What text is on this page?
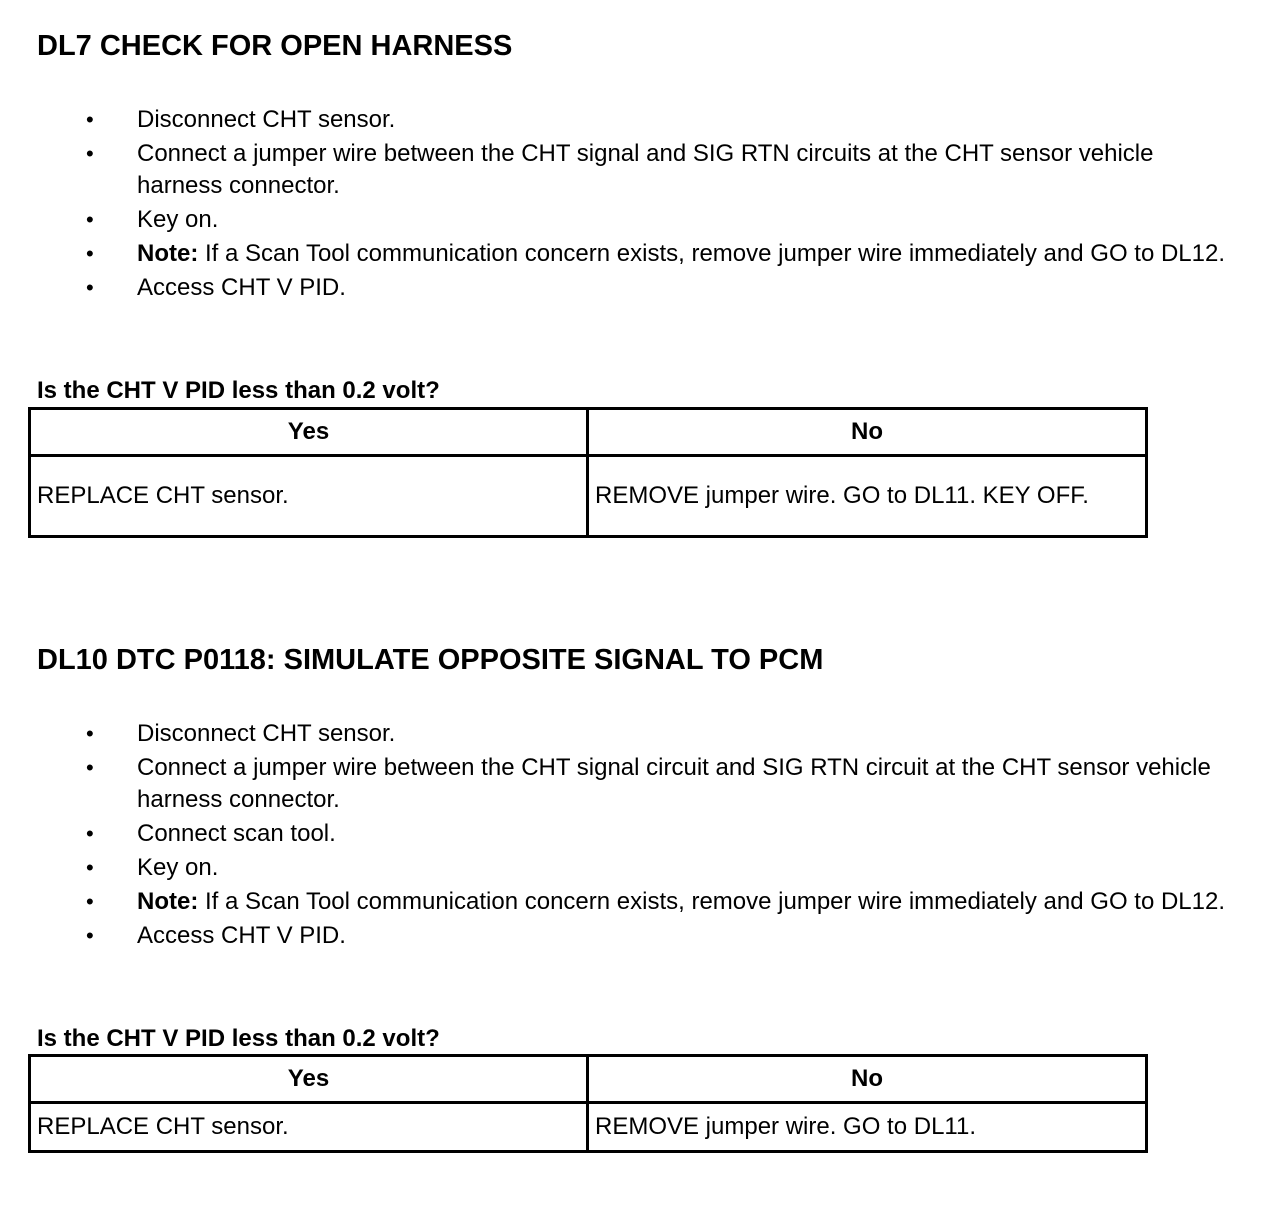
DL7 CHECK FOR OPEN HARNESS
• Disconnect CHT sensor.
• Connect a jumper wire between the CHT signal and SIG RTN circuits at the CHT sensor vehicle harness connector.
• Key on.
• Note: If a Scan Tool communication concern exists, remove jumper wire immediately and GO to DL12.
• Access CHT V PID.

Is the CHT V PID less than 0.2 volt?

Yes	No
REPLACE CHT sensor.	REMOVE jumper wire. GO to DL11. KEY OFF.
DL10 DTC P0118: SIMULATE OPPOSITE SIGNAL TO PCM
• Disconnect CHT sensor.
• Connect a jumper wire between the CHT signal circuit and SIG RTN circuit at the CHT sensor vehicle harness connector.
• Connect scan tool.
• Key on.
• Note: If a Scan Tool communication concern exists, remove jumper wire immediately and GO to DL12.
• Access CHT V PID.

Is the CHT V PID less than 0.2 volt?

Yes	No
REPLACE CHT sensor.	REMOVE jumper wire. GO to DL11.
